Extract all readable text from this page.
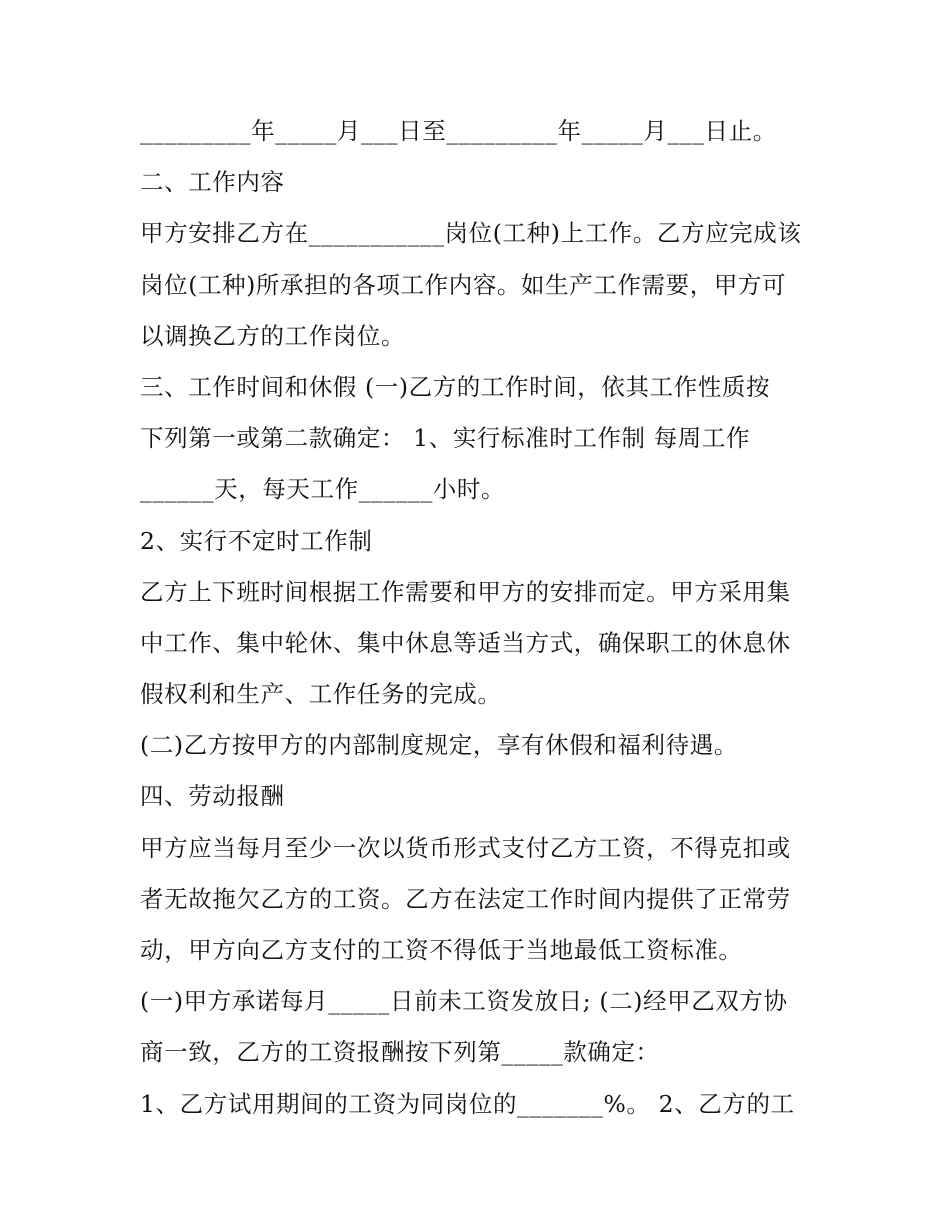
_________年_____月___日至_________年_____月___日止。
二、工作内容
甲方安排乙方在___________岗位(工种)上工作。乙方应完成该
岗位(工种)所承担的各项工作内容。如生产工作需要，甲方可
以调换乙方的工作岗位。
三、工作时间和休假 (一)乙方的工作时间，依其工作性质按
下列第一或第二款确定： 1、实行标准时工作制 每周工作
______天，每天工作______小时。
2、实行不定时工作制
乙方上下班时间根据工作需要和甲方的安排而定。甲方采用集
中工作、集中轮休、集中休息等适当方式，确保职工的休息休
假权利和生产、工作任务的完成。
(二)乙方按甲方的内部制度规定，享有休假和福利待遇。
四、劳动报酬
甲方应当每月至少一次以货币形式支付乙方工资，不得克扣或
者无故拖欠乙方的工资。乙方在法定工作时间内提供了正常劳
动，甲方向乙方支付的工资不得低于当地最低工资标准。
(一)甲方承诺每月_____日前未工资发放日; (二)经甲乙双方协
商一致，乙方的工资报酬按下列第_____款确定：
1、乙方试用期间的工资为同岗位的_______%。 2、乙方的工
